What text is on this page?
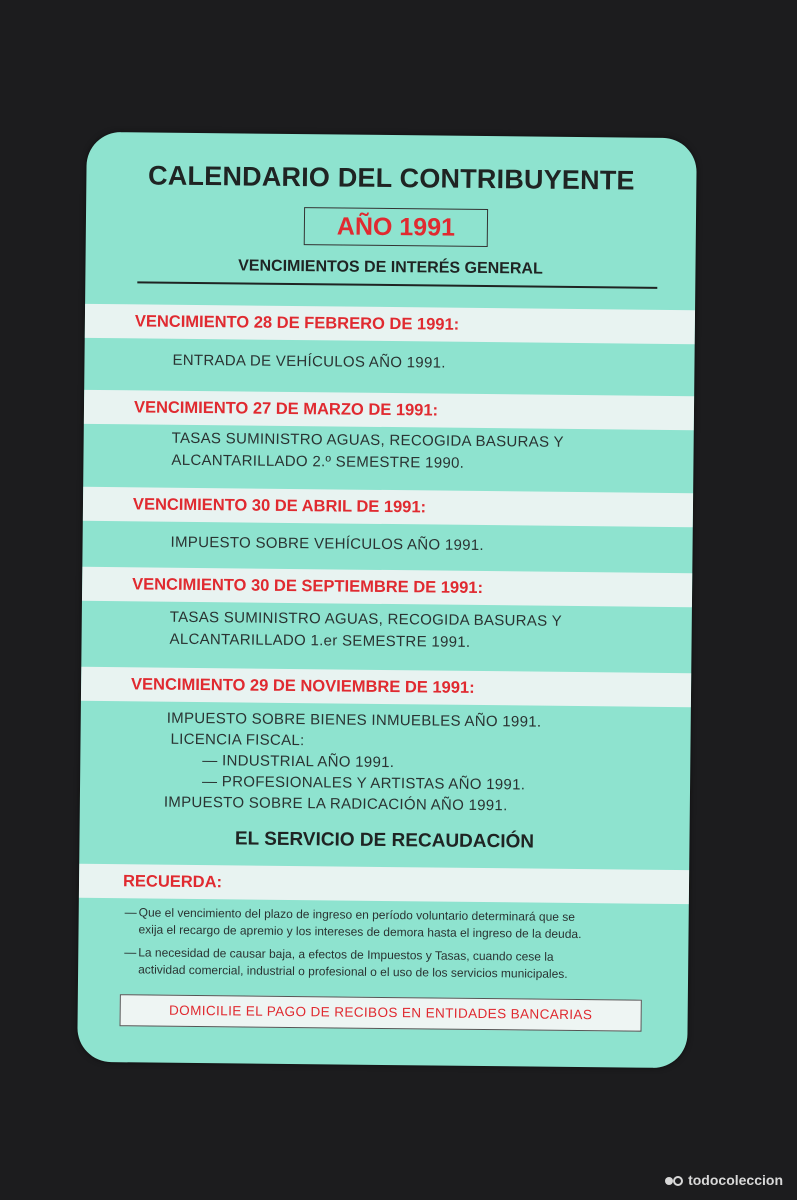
CALENDARIO DEL CONTRIBUYENTE
AÑO 1991
VENCIMIENTOS DE INTERÉS GENERAL
VENCIMIENTO 28 DE FEBRERO DE 1991:
ENTRADA DE VEHÍCULOS AÑO 1991.
VENCIMIENTO 27 DE MARZO DE 1991:
TASAS SUMINISTRO AGUAS, RECOGIDA BASURAS Y
ALCANTARILLADO 2.º SEMESTRE 1990.
VENCIMIENTO 30 DE ABRIL DE 1991:
IMPUESTO SOBRE VEHÍCULOS AÑO 1991.
VENCIMIENTO 30 DE SEPTIEMBRE DE 1991:
TASAS SUMINISTRO AGUAS, RECOGIDA BASURAS Y
ALCANTARILLADO 1.er SEMESTRE 1991.
VENCIMIENTO 29 DE NOVIEMBRE DE 1991:
IMPUESTO SOBRE BIENES INMUEBLES AÑO 1991.
LICENCIA FISCAL:
— INDUSTRIAL AÑO 1991.
— PROFESIONALES Y ARTISTAS AÑO 1991.
IMPUESTO SOBRE LA RADICACIÓN AÑO 1991.
EL SERVICIO DE RECAUDACIÓN
RECUERDA:
— Que el vencimiento del plazo de ingreso en período voluntario determinará que se
exija el recargo de apremio y los intereses de demora hasta el ingreso de la deuda.
— La necesidad de causar baja, a efectos de Impuestos y Tasas, cuando cese la
actividad comercial, industrial o profesional o el uso de los servicios municipales.
DOMICILIE EL PAGO DE RECIBOS EN ENTIDADES BANCARIAS
todocoleccion
